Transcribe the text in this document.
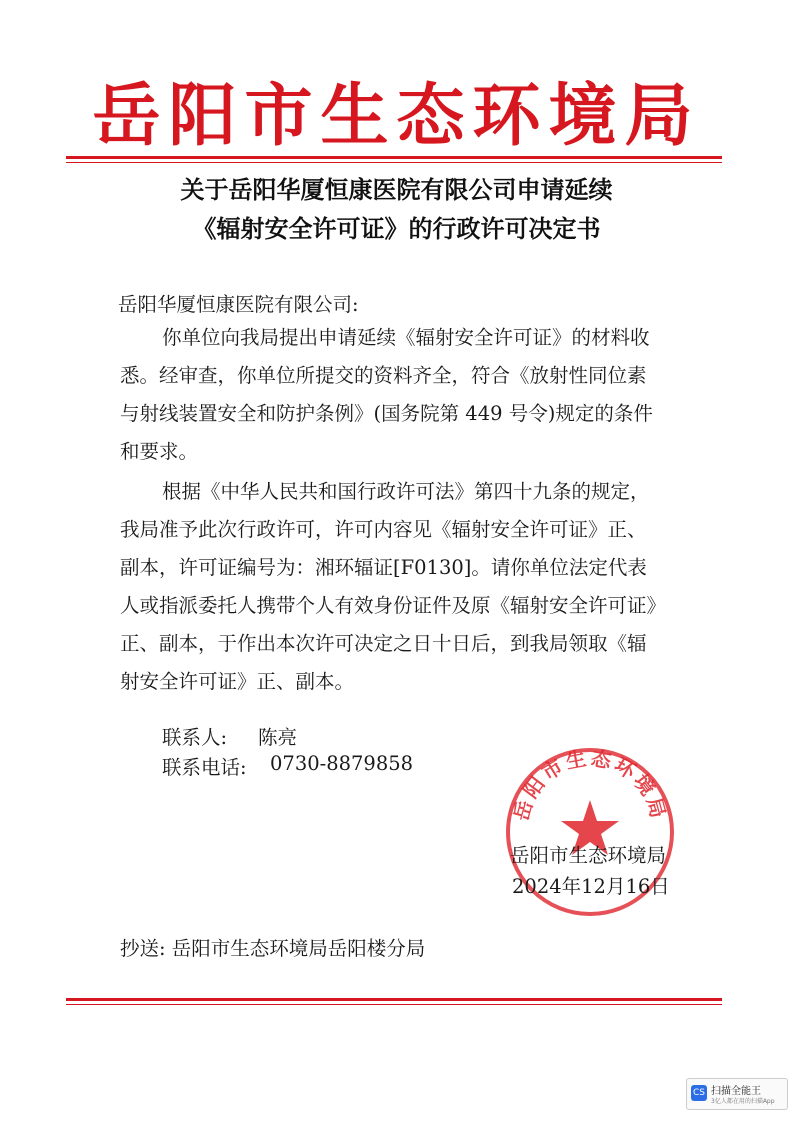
岳阳市生态环境局
关于岳阳华厦恒康医院有限公司申请延续
《辐射安全许可证》的行政许可决定书
岳阳华厦恒康医院有限公司:
你单位向我局提出申请延续《辐射安全许可证》的材料收
悉。经审查，你单位所提交的资料齐全，符合《放射性同位素
与射线装置安全和防护条例》(国务院第 449 号令)规定的条件
和要求。
根据《中华人民共和国行政许可法》第四十九条的规定，
我局准予此次行政许可，许可内容见《辐射安全许可证》正、
副本，许可证编号为：湘环辐证[F0130]。请你单位法定代表
人或指派委托人携带个人有效身份证件及原《辐射安全许可证》
正、副本，于作出本次许可决定之日十日后，到我局领取《辐
射安全许可证》正、副本。
联系人: 陈亮
联系电话: 0730-8879858
岳阳市生态环境局
岳阳市生态环境局
2024年12月16日
抄送: 岳阳市生态环境局岳阳楼分局
CS 扫描全能王
3亿人都在用的扫描App
